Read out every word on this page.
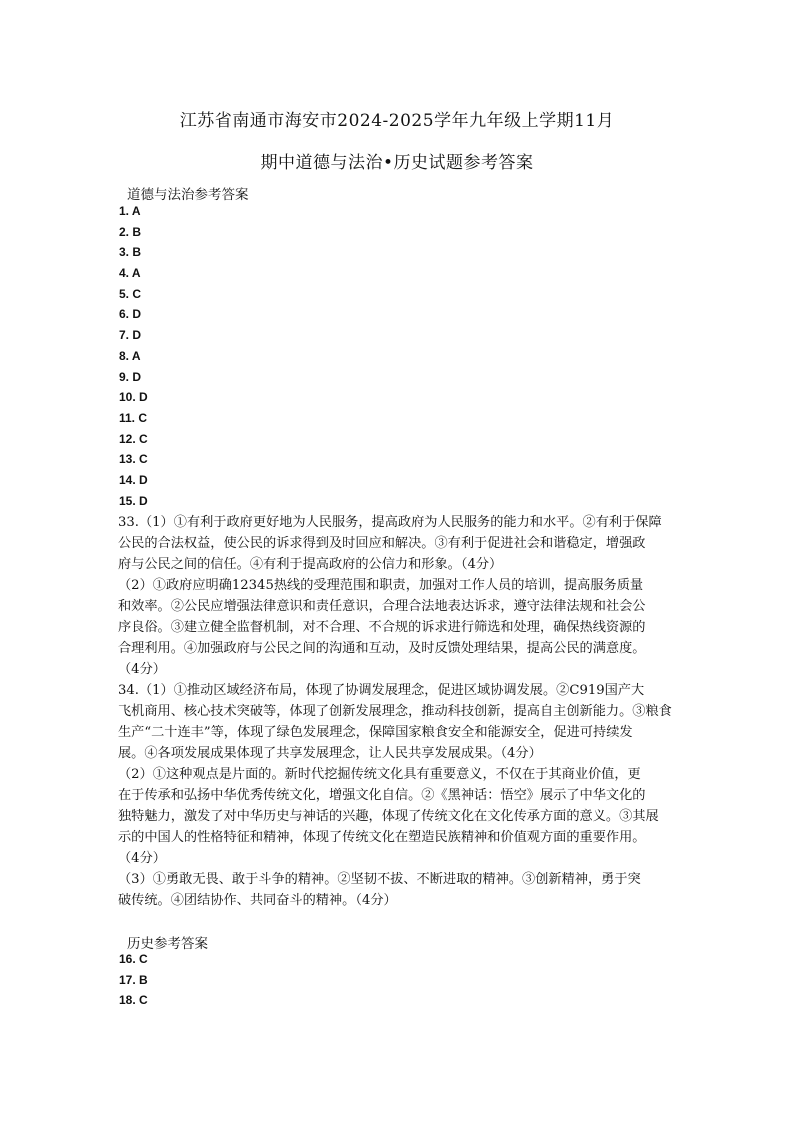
江苏省南通市海安市2024-2025学年九年级上学期11月
期中道德与法治•历史试题参考答案
道德与法治参考答案
1. A
2. B
3. B
4. A
5. C
6. D
7. D
8. A
9. D
10. D
11. C
12. C
13. C
14. D
15. D
33.（1）①有利于政府更好地为人民服务，提高政府为人民服务的能力和水平。②有利于保障
公民的合法权益，使公民的诉求得到及时回应和解决。③有利于促进社会和谐稳定，增强政
府与公民之间的信任。④有利于提高政府的公信力和形象。（4分）
（2）①政府应明确12345热线的受理范围和职责，加强对工作人员的培训，提高服务质量
和效率。②公民应增强法律意识和责任意识，合理合法地表达诉求，遵守法律法规和社会公
序良俗。③建立健全监督机制，对不合理、不合规的诉求进行筛选和处理，确保热线资源的
合理利用。④加强政府与公民之间的沟通和互动，及时反馈处理结果，提高公民的满意度。
（4分）
34.（1）①推动区域经济布局，体现了协调发展理念，促进区域协调发展。②C919国产大
飞机商用、核心技术突破等，体现了创新发展理念，推动科技创新，提高自主创新能力。③粮食
生产“二十连丰”等，体现了绿色发展理念，保障国家粮食安全和能源安全，促进可持续发
展。④各项发展成果体现了共享发展理念，让人民共享发展成果。（4分）
（2）①这种观点是片面的。新时代挖掘传统文化具有重要意义，不仅在于其商业价值，更
在于传承和弘扬中华优秀传统文化，增强文化自信。②《黑神话：悟空》展示了中华文化的
独特魅力，激发了对中华历史与神话的兴趣，体现了传统文化在文化传承方面的意义。③其展
示的中国人的性格特征和精神，体现了传统文化在塑造民族精神和价值观方面的重要作用。
（4分）
（3）①勇敢无畏、敢于斗争的精神。②坚韧不拔、不断进取的精神。③创新精神，勇于突
破传统。④团结协作、共同奋斗的精神。（4分）
历史参考答案
16. C
17. B
18. C
